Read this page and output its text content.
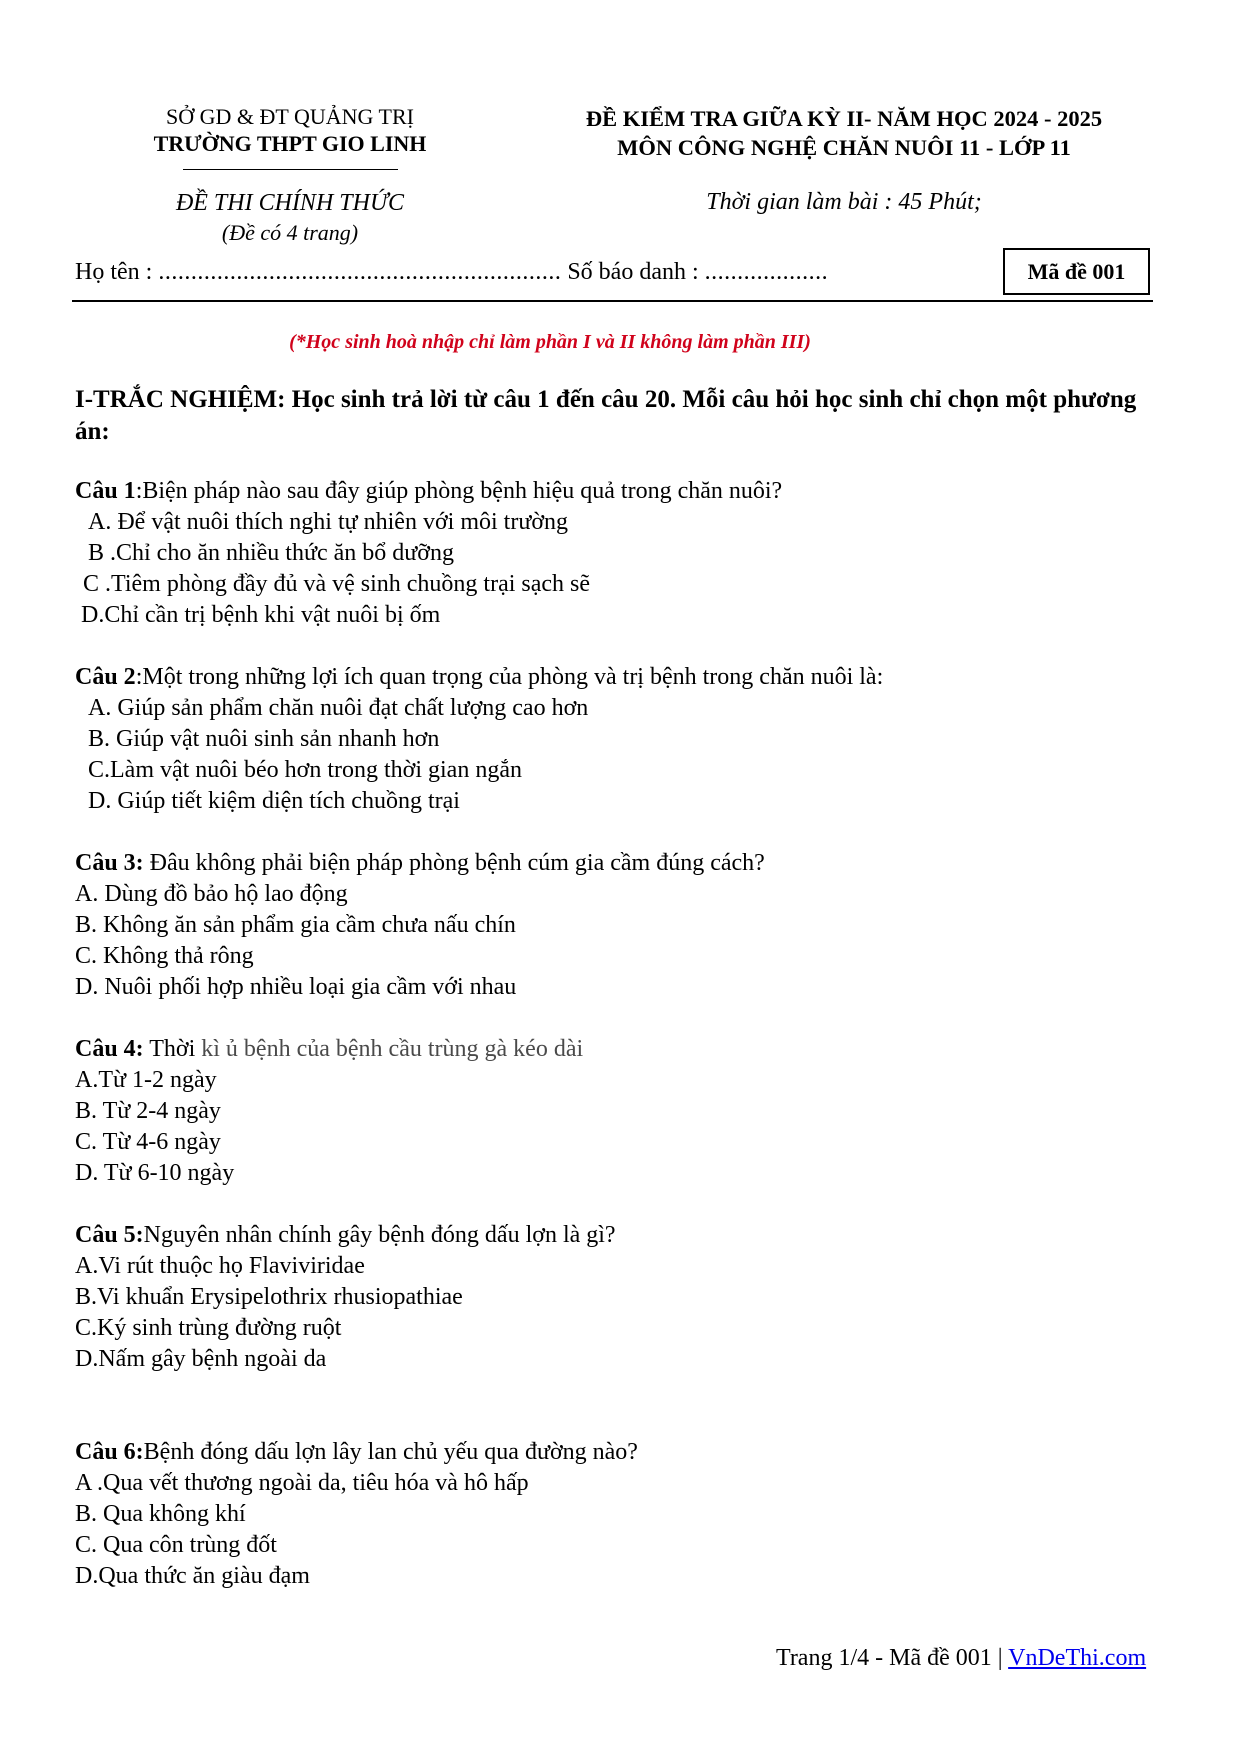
SỞ GD & ĐT QUẢNG TRỊ
TRƯỜNG THPT GIO LINH
ĐỀ THI CHÍNH THỨC
(Đề có 4 trang)
ĐỀ KIỂM TRA GIỮA KỲ II- NĂM HỌC 2024 - 2025
MÔN CÔNG NGHỆ CHĂN NUÔI 11 - LỚP 11
Thời gian làm bài : 45 Phút;
Họ tên : .............................................................. Số báo danh : ...................	Mã đề 001
(*Học sinh hoà nhập chỉ làm phần I và II không làm phần III)
I-TRẮC NGHIỆM: Học sinh trả lời từ câu 1 đến câu 20. Mỗi câu hỏi học sinh chỉ chọn một phương án:
Câu 1:Biện pháp nào sau đây giúp phòng bệnh hiệu quả trong chăn nuôi?
A. Để vật nuôi thích nghi tự nhiên với môi trường
B .Chỉ cho ăn nhiều thức ăn bổ dưỡng
C .Tiêm phòng đầy đủ và vệ sinh chuồng trại sạch sẽ
D.Chỉ cần trị bệnh khi vật nuôi bị ốm
Câu 2:Một trong những lợi ích quan trọng của phòng và trị bệnh trong chăn nuôi là:
A. Giúp sản phẩm chăn nuôi đạt chất lượng cao hơn
B. Giúp vật nuôi sinh sản nhanh hơn
C.Làm vật nuôi béo hơn trong thời gian ngắn
D. Giúp tiết kiệm diện tích chuồng trại
Câu 3: Đâu không phải biện pháp phòng bệnh cúm gia cầm đúng cách?
A. Dùng đồ bảo hộ lao động
B. Không ăn sản phẩm gia cầm chưa nấu chín
C. Không thả rông
D. Nuôi phối hợp nhiều loại gia cầm với nhau
Câu 4: Thời kì ủ bệnh của bệnh cầu trùng gà kéo dài
A.Từ 1-2 ngày
B. Từ 2-4 ngày
C. Từ 4-6 ngày
D. Từ 6-10 ngày
Câu 5:Nguyên nhân chính gây bệnh đóng dấu lợn là gì?
A.Vi rút thuộc họ Flaviviridae
B.Vi khuẩn Erysipelothrix rhusiopathiae
C.Ký sinh trùng đường ruột
D.Nấm gây bệnh ngoài da
Câu 6:Bệnh đóng dấu lợn lây lan chủ yếu qua đường nào?
A .Qua vết thương ngoài da, tiêu hóa và hô hấp
B. Qua không khí
C. Qua côn trùng đốt
D.Qua thức ăn giàu đạm
Trang 1/4 - Mã đề 001 | VnDeThi.com
